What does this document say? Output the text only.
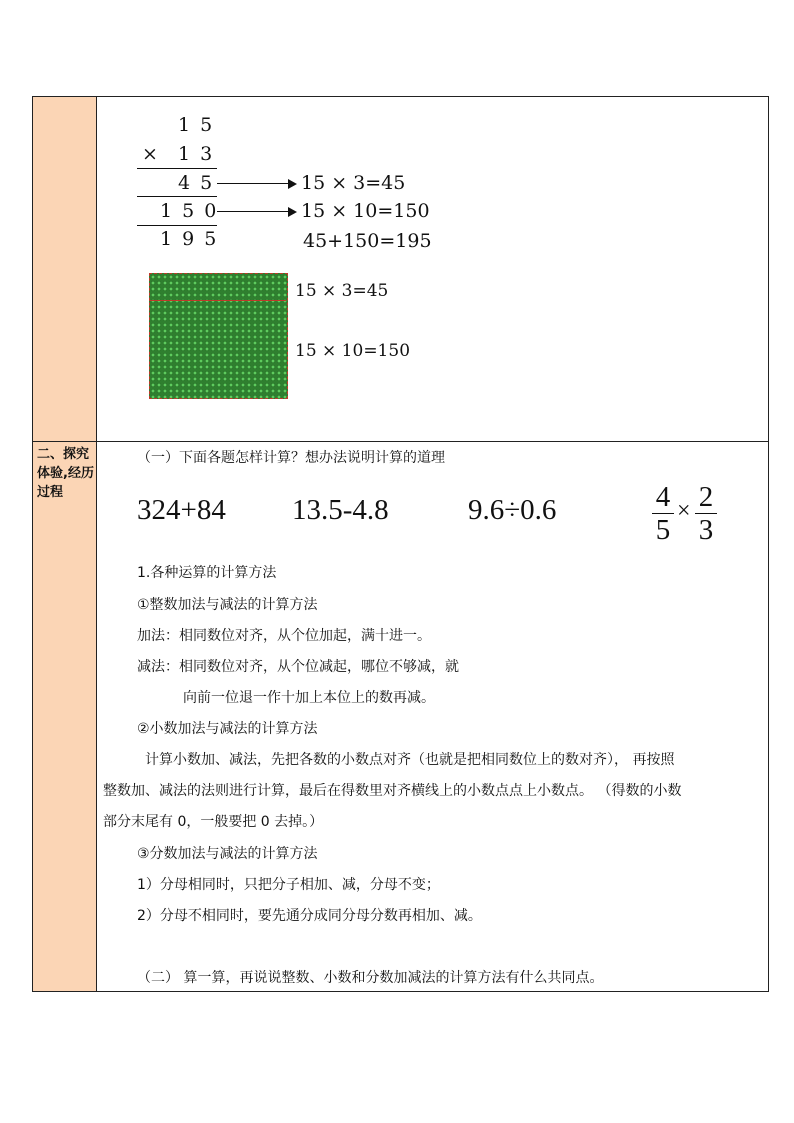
二、探究体验,经历过程
1 5
× 1 3
4 5	15 × 3=45
1 5 0	15 × 10=150
1 9 5	45+150=195
15 × 3=45
15 × 10=150
（一）下面各题怎样计算？想办法说明计算的道理
324+84 13.5-4.8	9.6÷0.6	4
5
× 2
3
1.各种运算的计算方法
①整数加法与减法的计算方法
加法：相同数位对齐，从个位加起，满十进一。
减法：相同数位对齐，从个位减起，哪位不够减，就
向前一位退一作十加上本位上的数再减。
②小数加法与减法的计算方法
计算小数加、减法，先把各数的小数点对齐（也就是把相同数位上的数对齐）， 再按照
整数加、减法的法则进行计算，最后在得数里对齐横线上的小数点点上小数点。 （得数的小数
部分末尾有 0，一般要把 0 去掉。）
③分数加法与减法的计算方法
1）分母相同时，只把分子相加、减，分母不变；
2）分母不相同时，要先通分成同分母分数再相加、减。
（二） 算一算，再说说整数、小数和分数加减法的计算方法有什么共同点。
